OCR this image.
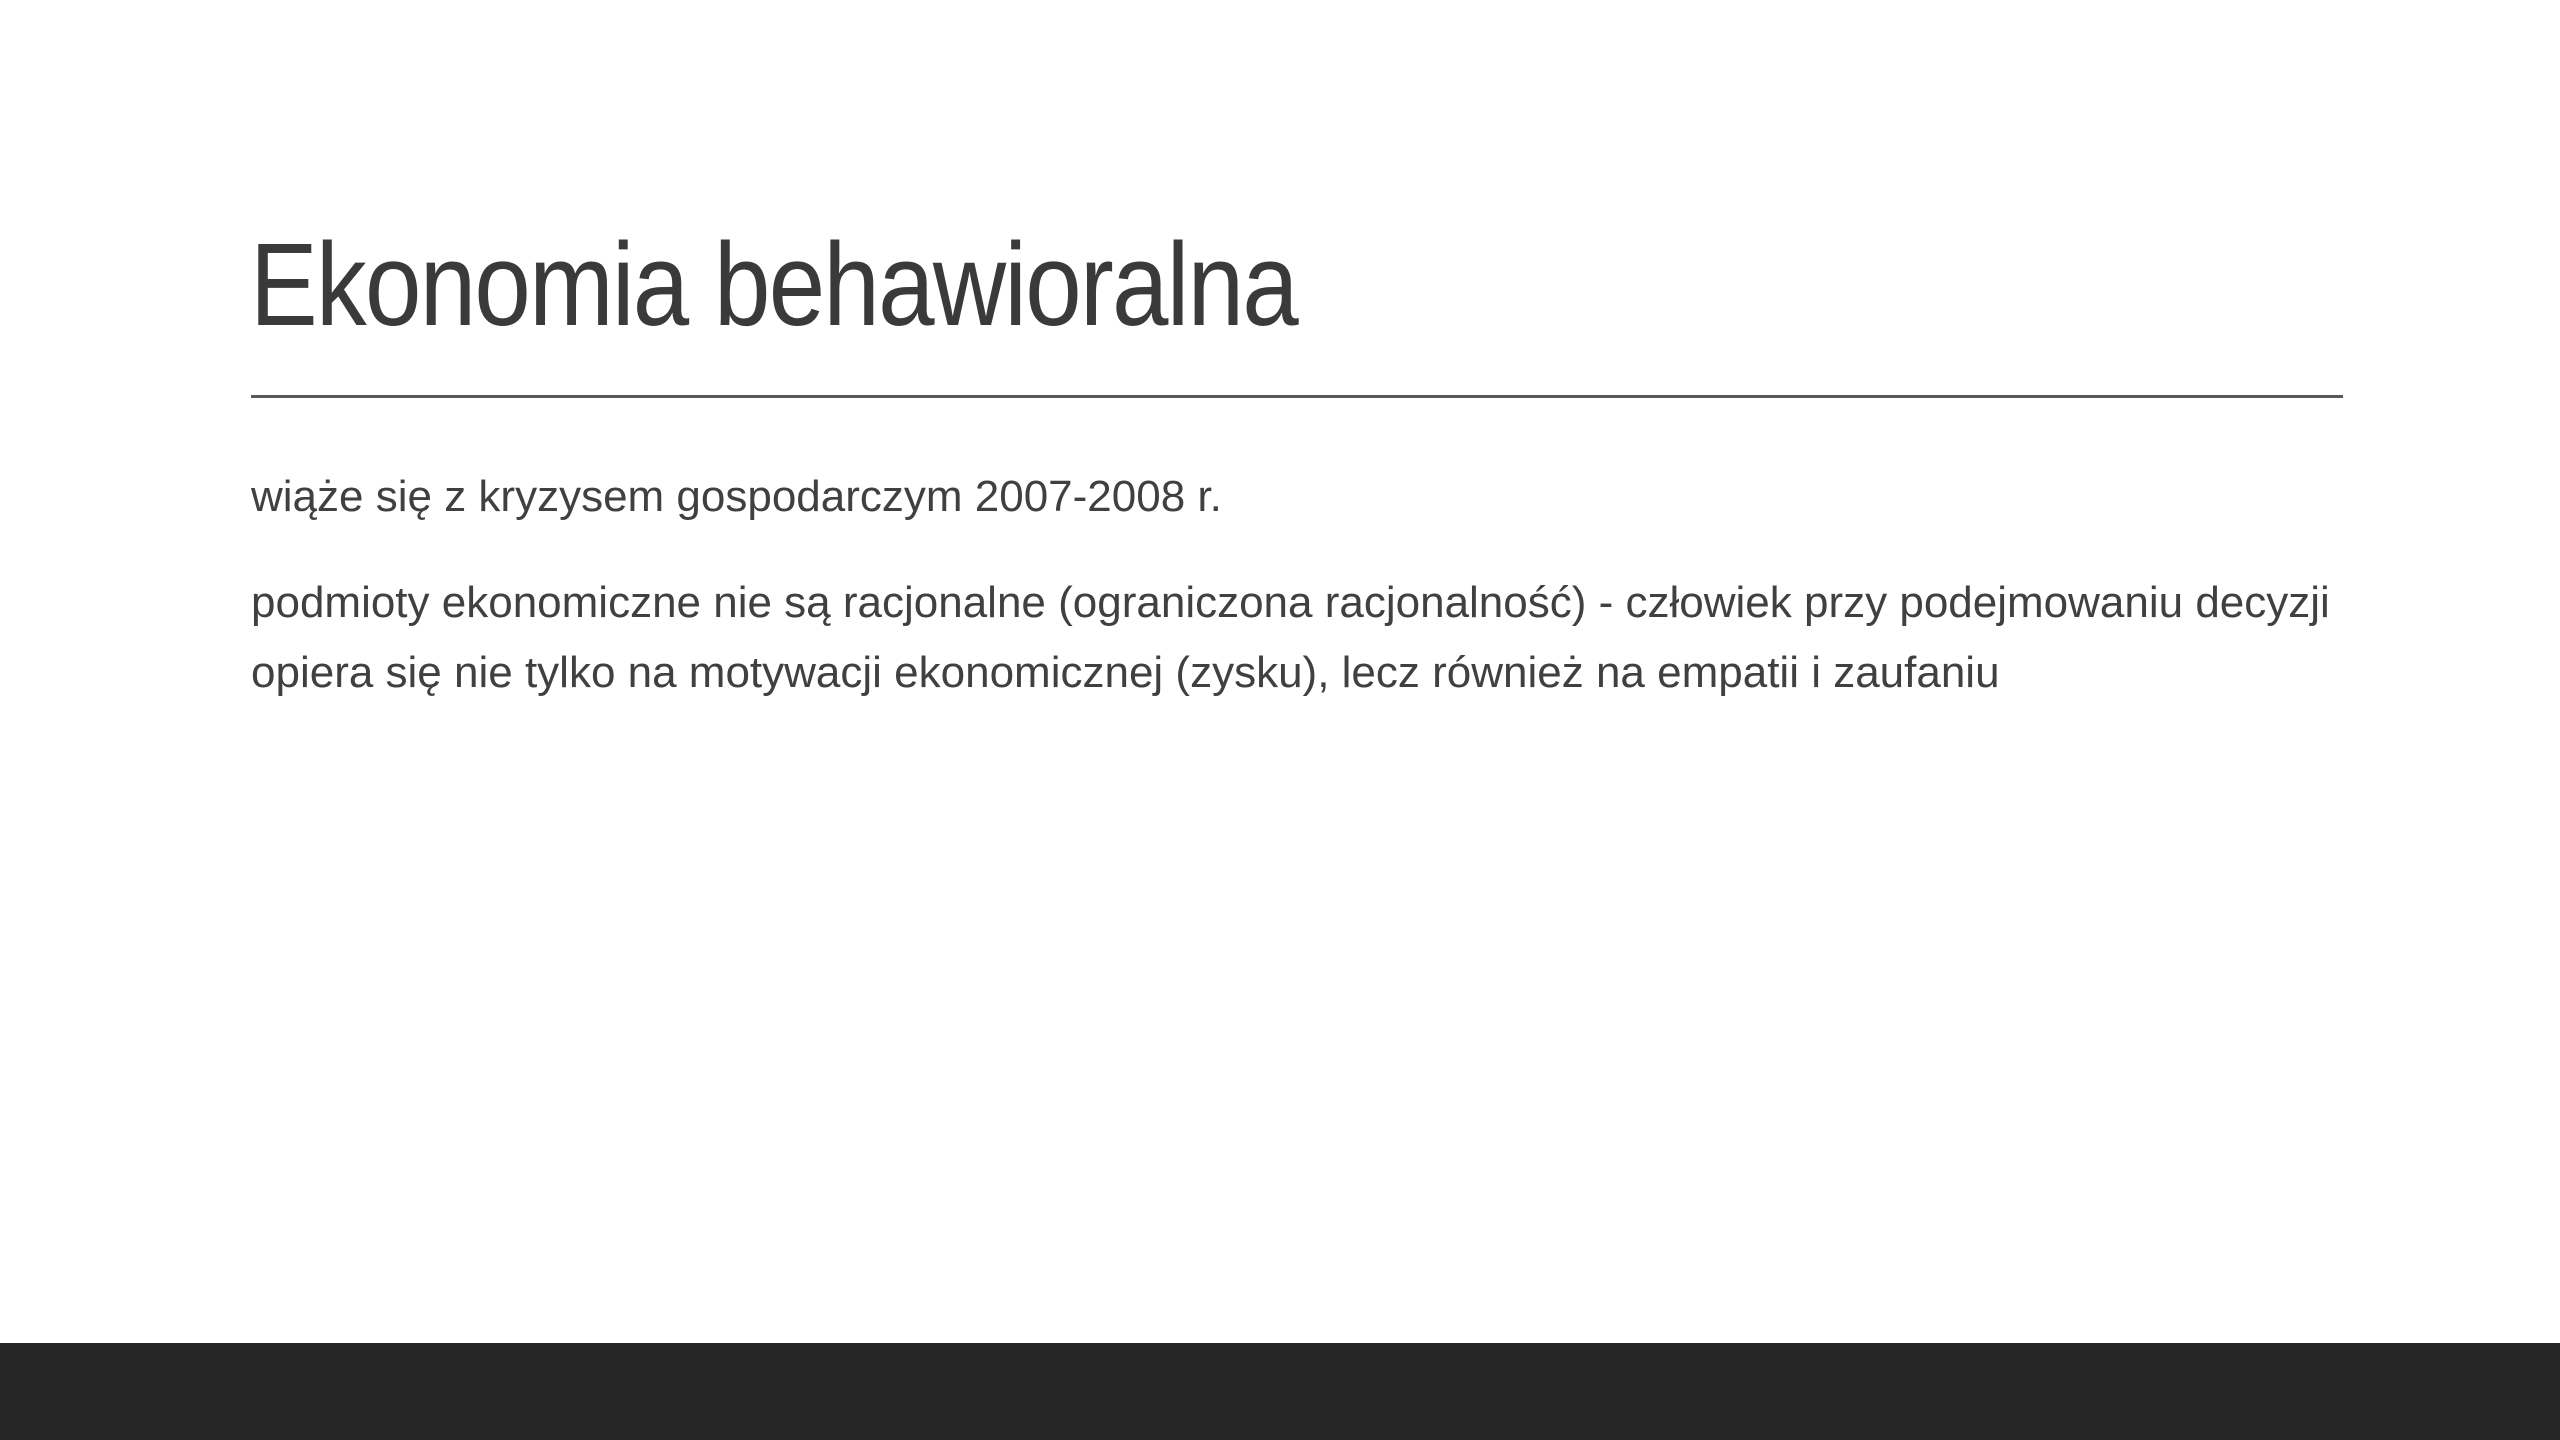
Ekonomia behawioralna

wiąże się z kryzysem gospodarczym 2007-2008 r.

podmioty ekonomiczne nie są racjonalne (ograniczona racjonalność) - człowiek przy podejmowaniu decyzji opiera się nie tylko na motywacji ekonomicznej (zysku), lecz również na empatii i zaufaniu
